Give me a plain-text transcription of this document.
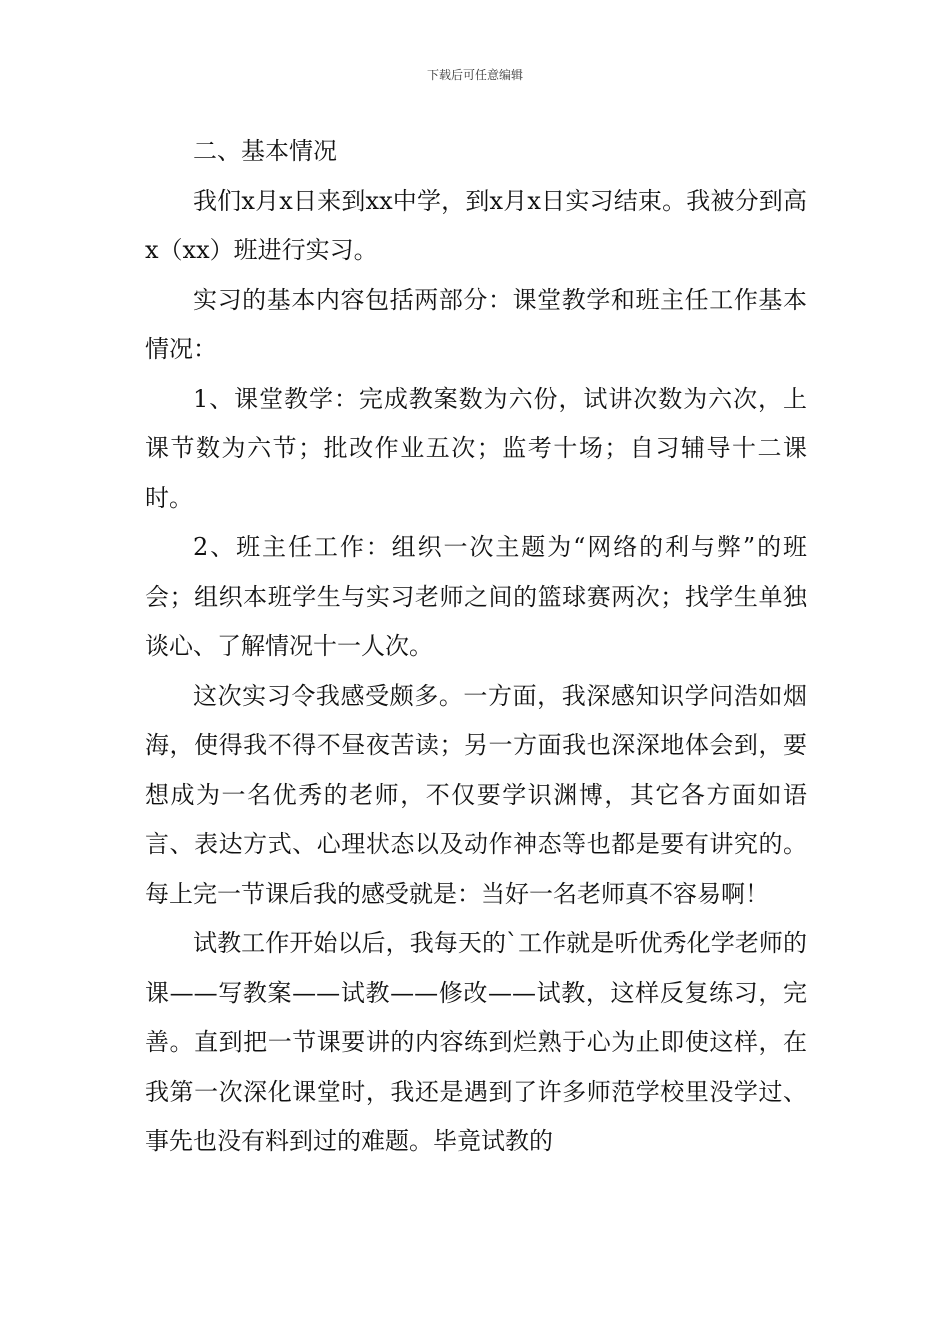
下载后可任意编辑

二、基本情况

我们x月x日来到xx中学，到x月x日实习结束。我被分到高x（xx）班进行实习。

实习的基本内容包括两部分：课堂教学和班主任工作基本情况：

1、课堂教学：完成教案数为六份，试讲次数为六次，上课节数为六节；批改作业五次；监考十场；自习辅导十二课时。

2、班主任工作：组织一次主题为“网络的利与弊”的班会；组织本班学生与实习老师之间的篮球赛两次；找学生单独谈心、了解情况十一人次。

这次实习令我感受颇多。一方面，我深感知识学问浩如烟海，使得我不得不昼夜苦读；另一方面我也深深地体会到，要想成为一名优秀的老师，不仅要学识渊博，其它各方面如语言、表达方式、心理状态以及动作神态等也都是要有讲究的。每上完一节课后我的感受就是：当好一名老师真不容易啊！

试教工作开始以后，我每天的`工作就是听优秀化学老师的课——写教案——试教——修改——试教，这样反复练习，完善。直到把一节课要讲的内容练到烂熟于心为止即使这样，在我第一次深化课堂时，我还是遇到了许多师范学校里没学过、事先也没有料到过的难题。毕竟试教的
